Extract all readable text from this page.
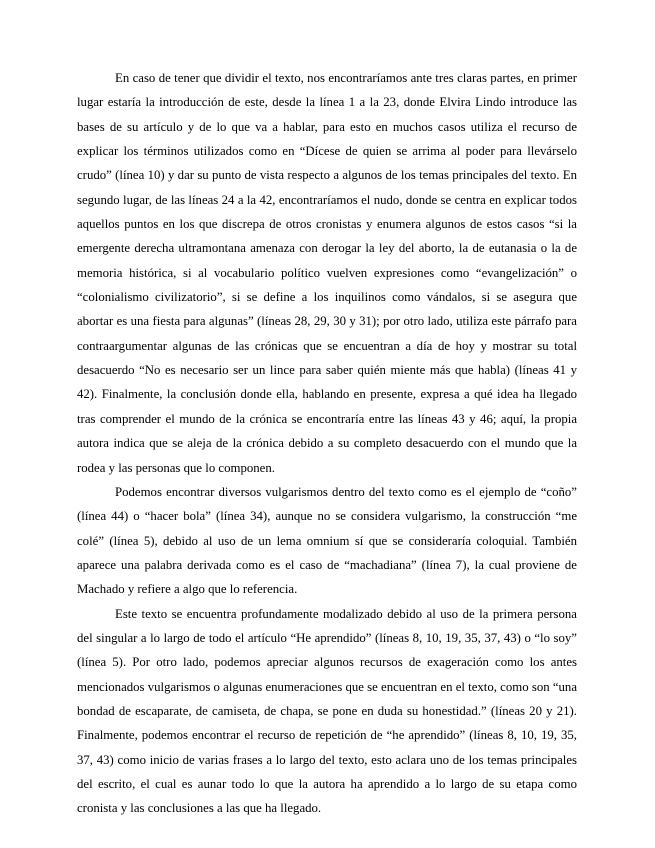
En caso de tener que dividir el texto, nos encontraríamos ante tres claras partes, en primer lugar estaría la introducción de este, desde la línea 1 a la 23, donde Elvira Lindo introduce las bases de su artículo y de lo que va a hablar, para esto en muchos casos utiliza el recurso de explicar los términos utilizados como en “Dícese de quien se arrima al poder para llevárselo crudo” (línea 10) y dar su punto de vista respecto a algunos de los temas principales del texto. En segundo lugar, de las líneas 24 a la 42, encontraríamos el nudo, donde se centra en explicar todos aquellos puntos en los que discrepa de otros cronistas y enumera algunos de estos casos “si la emergente derecha ultramontana amenaza con derogar la ley del aborto, la de eutanasia o la de memoria histórica, si al vocabulario político vuelven expresiones como “evangelización” o “colonialismo civilizatorio”, si se define a los inquilinos como vándalos, si se asegura que abortar es una fiesta para algunas” (líneas 28, 29, 30 y 31); por otro lado, utiliza este párrafo para contraargumentar algunas de las crónicas que se encuentran a día de hoy y mostrar su total desacuerdo “No es necesario ser un lince para saber quién miente más que habla) (líneas 41 y 42). Finalmente, la conclusión donde ella, hablando en presente, expresa a qué idea ha llegado tras comprender el mundo de la crónica se encontraría entre las líneas 43 y 46; aquí, la propia autora indica que se aleja de la crónica debido a su completo desacuerdo con el mundo que la rodea y las personas que lo componen.

Podemos encontrar diversos vulgarismos dentro del texto como es el ejemplo de “coño” (línea 44) o “hacer bola” (línea 34), aunque no se considera vulgarismo, la construcción “me colé” (línea 5), debido al uso de un lema omnium sí que se consideraría coloquial. También aparece una palabra derivada como es el caso de “machadiana” (línea 7), la cual proviene de Machado y refiere a algo que lo referencia.

Este texto se encuentra profundamente modalizado debido al uso de la primera persona del singular a lo largo de todo el artículo “He aprendido” (líneas 8, 10, 19, 35, 37, 43) o “lo soy” (línea 5). Por otro lado, podemos apreciar algunos recursos de exageración como los antes mencionados vulgarismos o algunas enumeraciones que se encuentran en el texto, como son “una bondad de escaparate, de camiseta, de chapa, se pone en duda su honestidad.” (líneas 20 y 21). Finalmente, podemos encontrar el recurso de repetición de “he aprendido” (líneas 8, 10, 19, 35, 37, 43) como inicio de varias frases a lo largo del texto, esto aclara uno de los temas principales del escrito, el cual es aunar todo lo que la autora ha aprendido a lo largo de su etapa como cronista y las conclusiones a las que ha llegado.
